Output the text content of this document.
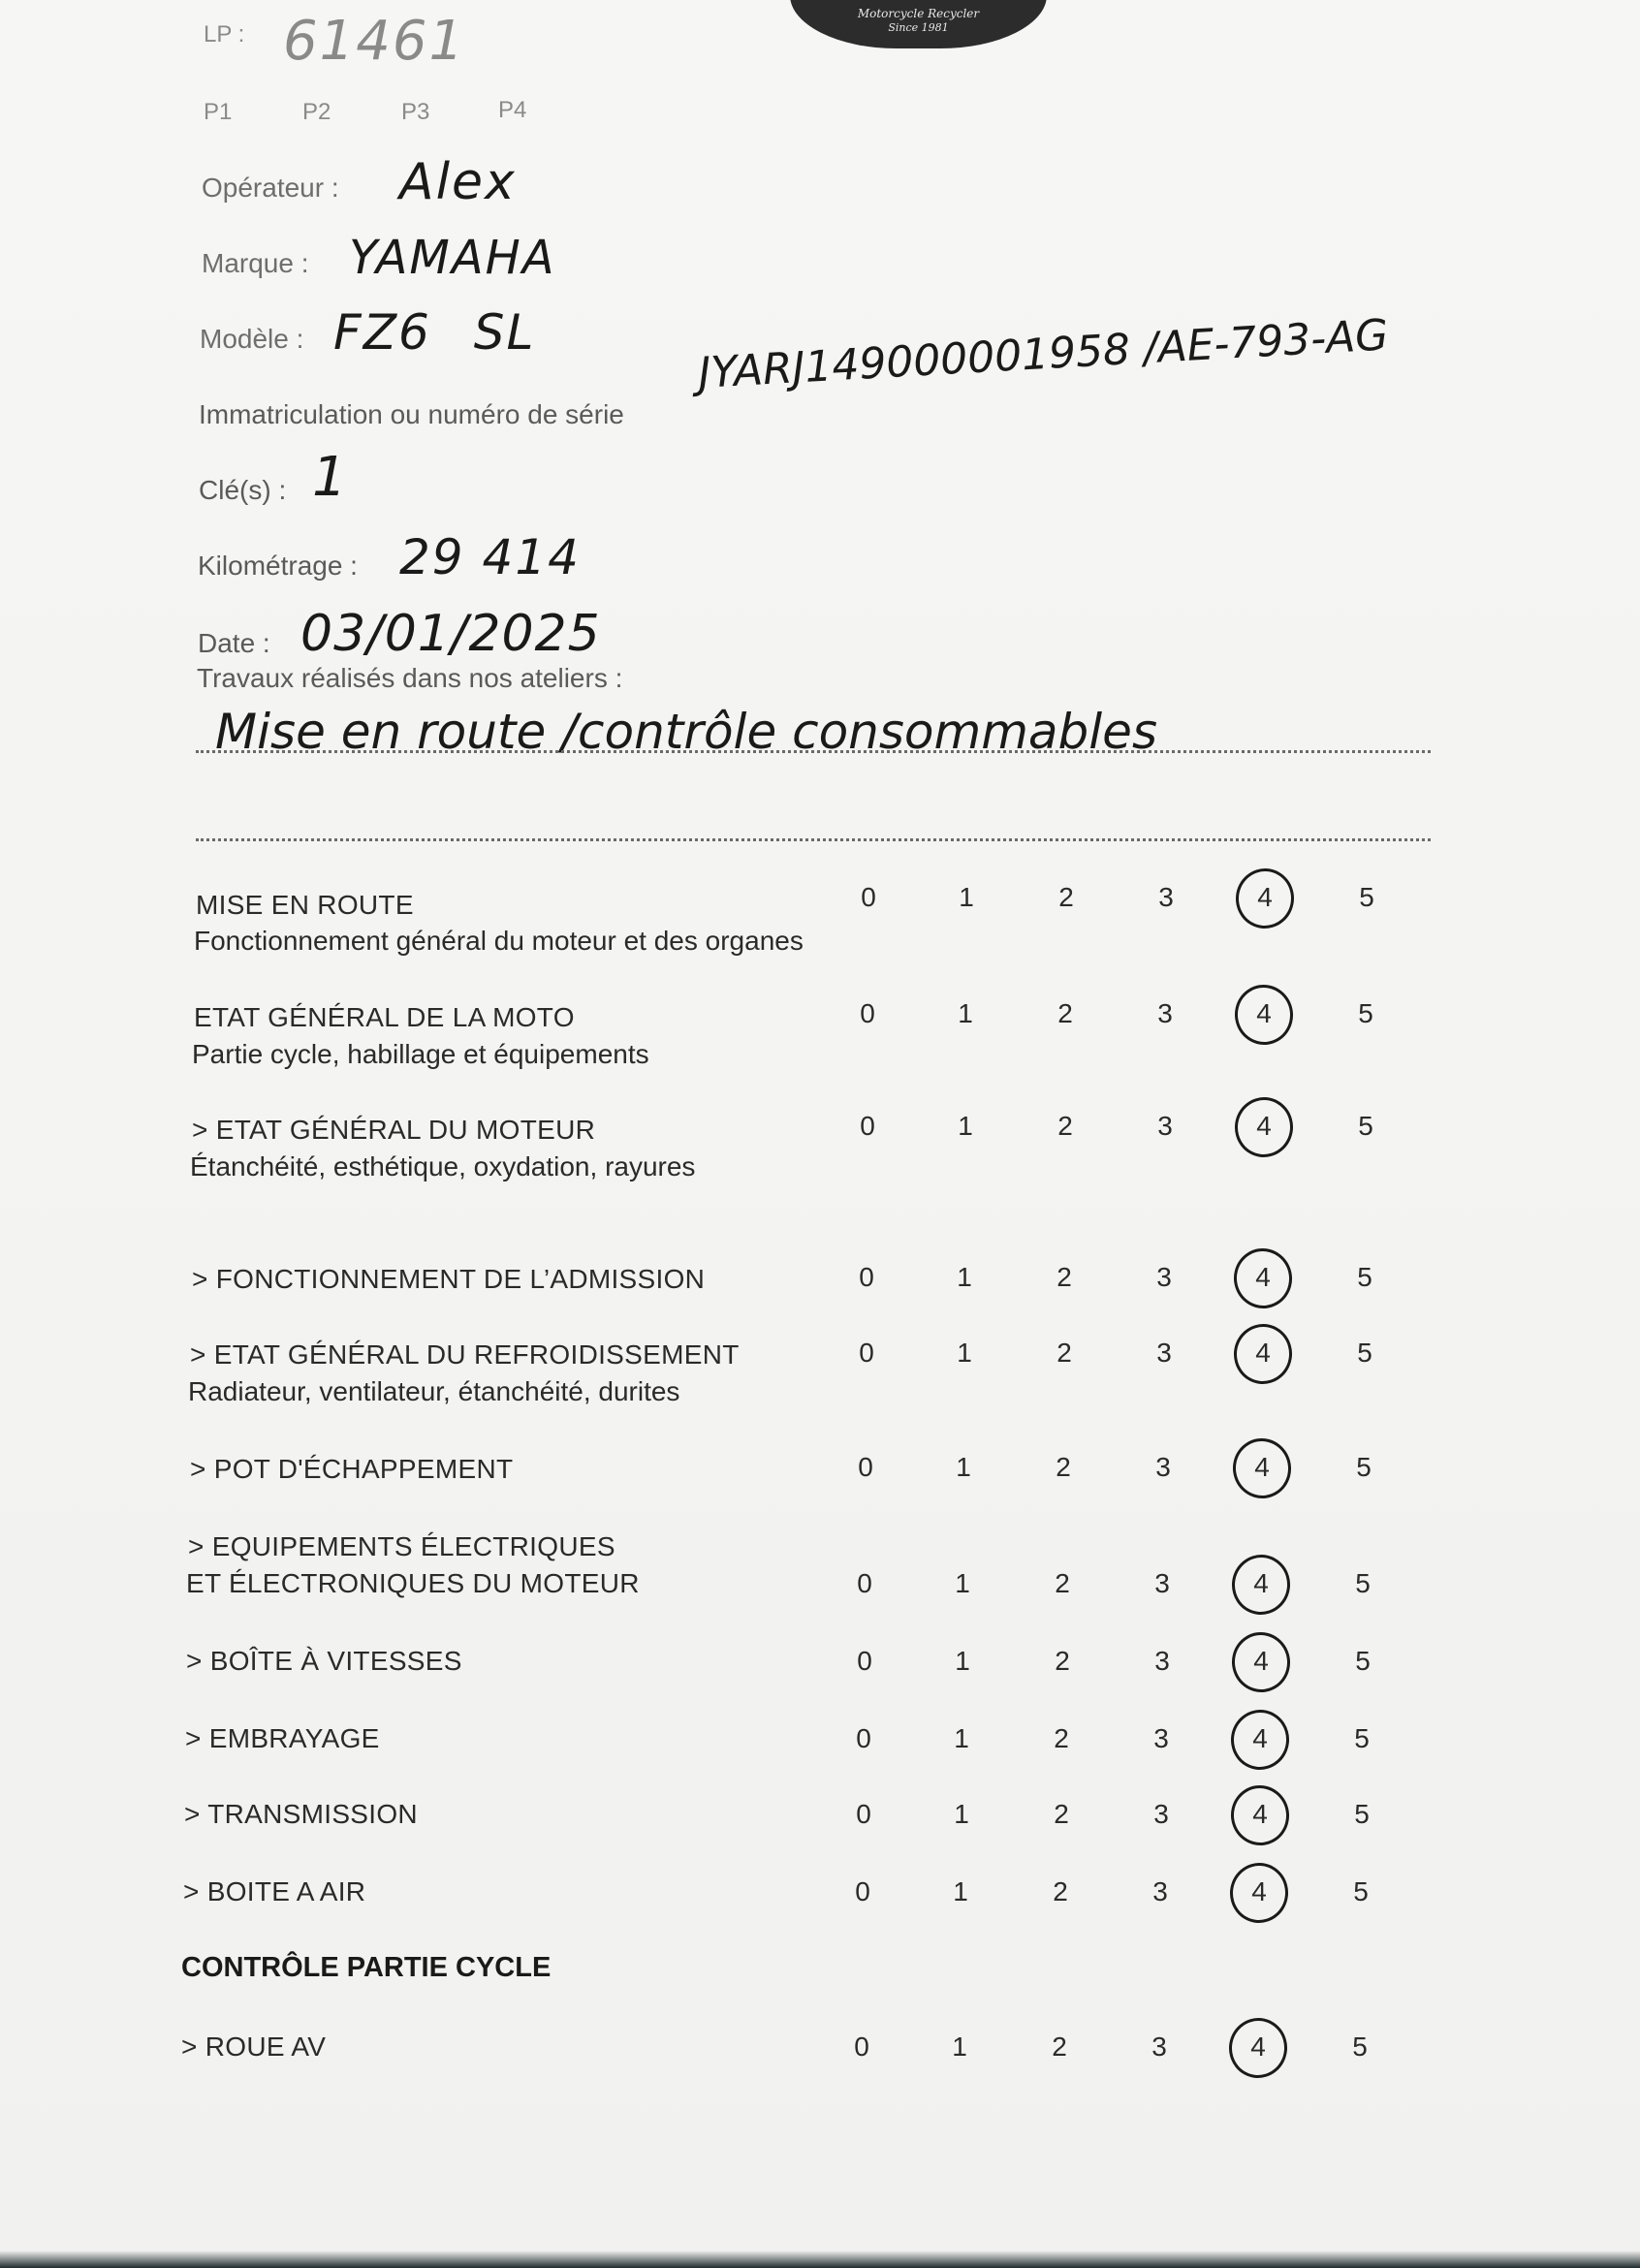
Motorcycle Recycler
Since 1981
LP : 61461
P1	P2	P3	P4
Opérateur : Alex
Marque : YAMAHA
Modèle : FZ6 SL
Immatriculation ou numéro de série
JYARJ149000001958 /AE-793-AG
Clé(s) : 1
Kilométrage : 29 414
Date : 03/01/2025
Travaux réalisés dans nos ateliers :
Mise en route /contrôle consommables
MISE EN ROUTE
Fonctionnement général du moteur et des organes
0	1	2	3	4	5
ETAT GÉNÉRAL DE LA MOTO
Partie cycle, habillage et équipements
0	1	2	3	4	5
> ETAT GÉNÉRAL DU MOTEUR
Étanchéité, esthétique, oxydation, rayures
0	1	2	3	4	5
> FONCTIONNEMENT DE L’ADMISSION	0	1	2	3	4	5
> ETAT GÉNÉRAL DU REFROIDISSEMENT
Radiateur, ventilateur, étanchéité, durites
0	1	2	3	4	5
> POT D'ÉCHAPPEMENT	0	1	2	3	4	5
> EQUIPEMENTS ÉLECTRIQUES
ET ÉLECTRONIQUES DU MOTEUR	0	1	2	3	4	5
> BOÎTE À VITESSES	0	1	2	3	4	5
> EMBRAYAGE	0	1	2	3	4	5
> TRANSMISSION	0	1	2	3	4	5
> BOITE A AIR	0	1	2	3	4	5
CONTRÔLE PARTIE CYCLE
> ROUE AV	0	1	2	3	4	5
